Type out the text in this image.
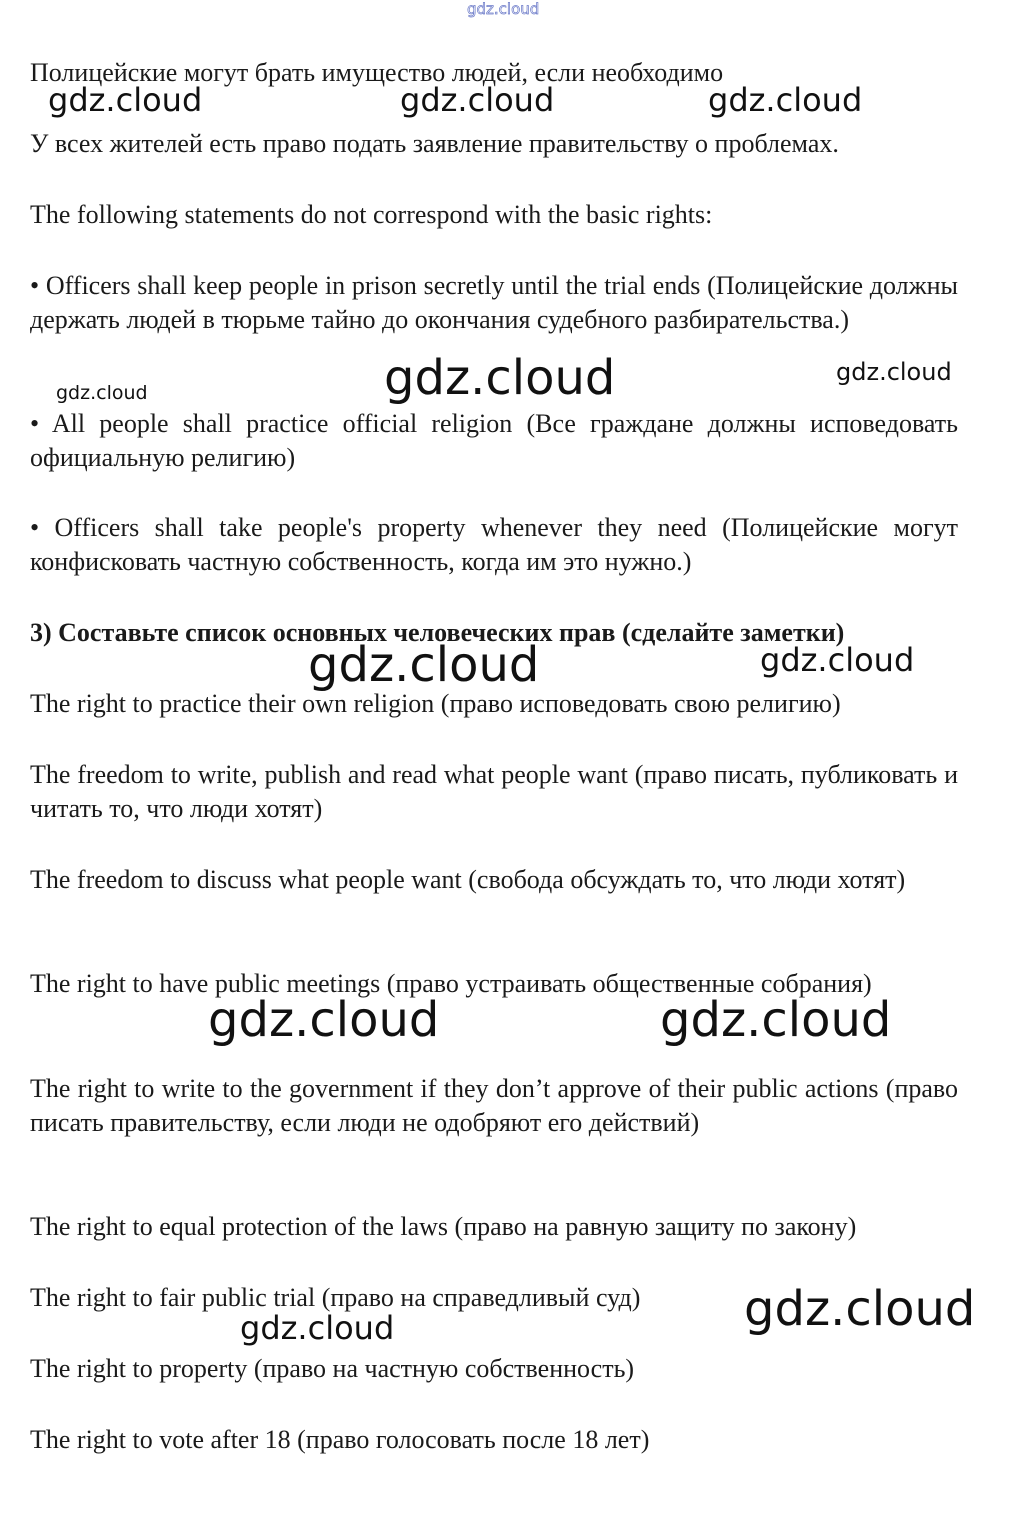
gdz.cloud

Полицейские могут брать имущество людей, если необходимо

У всех жителей есть право подать заявление правительству о проблемах.

The following statements do not correspond with the basic rights:

• Officers shall keep people in prison secretly until the trial ends (Полицейские должны держать людей в тюрьме тайно до окончания судебного разбирательства.)

• All people shall practice official religion (Все граждане должны исповедовать официальную религию)

• Officers shall take people's property whenever they need (Полицейские могут конфисковать частную собственность, когда им это нужно.)

3) Составьте список основных человеческих прав (сделайте заметки)

The right to practice their own religion (право исповедовать свою религию)

The freedom to write, publish and read what people want (право писать, публиковать и читать то, что люди хотят)

The freedom to discuss what people want (свобода обсуждать то, что люди хотят)

The right to have public meetings (право устраивать общественные собрания)

The right to write to the government if they don’t approve of their public actions (право писать правительству, если люди не одобряют его действий)

The right to equal protection of the laws (право на равную защиту по закону)

The right to fair public trial (право на справедливый суд)

The right to property (право на частную собственность)

The right to vote after 18 (право голосовать после 18 лет)

gdz.cloud	gdz.cloud	gdz.cloud
gdz.cloud	gdz.cloud	gdz.cloud
gdz.cloud	gdz.cloud
gdz.cloud	gdz.cloud
gdz.cloud
gdz.cloud
